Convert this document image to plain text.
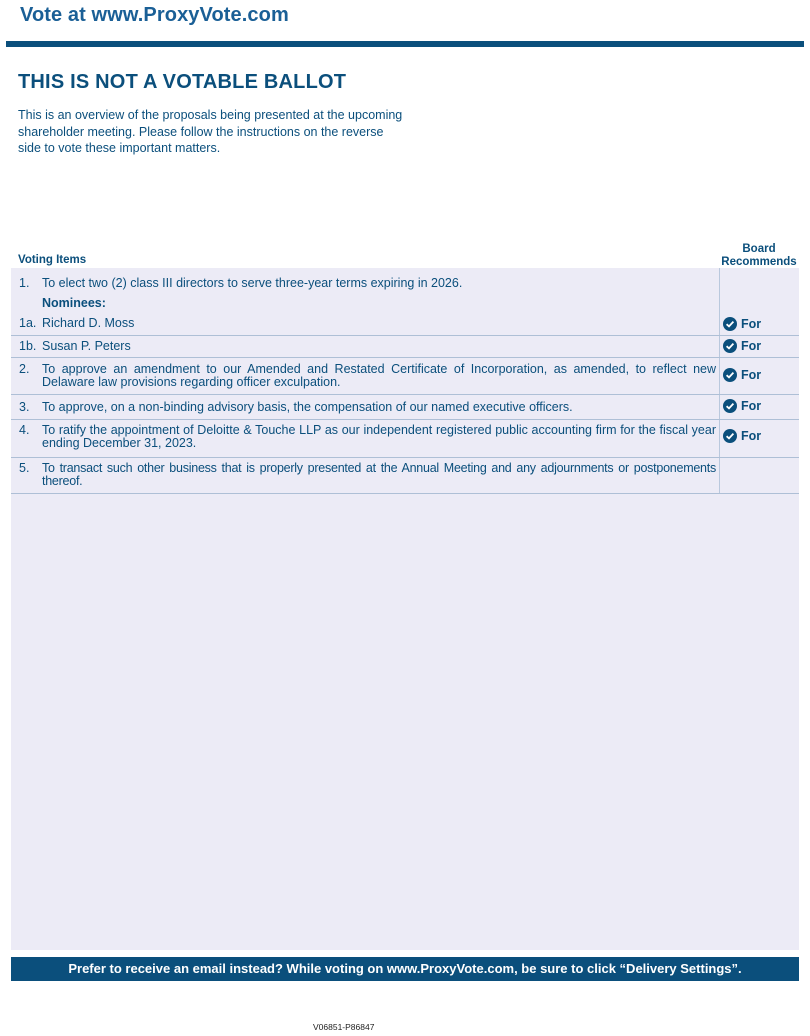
Vote at www.ProxyVote.com
THIS IS NOT A VOTABLE BALLOT
This is an overview of the proposals being presented at the upcoming shareholder meeting. Please follow the instructions on the reverse side to vote these important matters.
Voting Items
Board Recommends
1. To elect two (2) class III directors to serve three-year terms expiring in 2026.
Nominees:
1a. Richard D. Moss	For
1b. Susan P. Peters	For
2. To approve an amendment to our Amended and Restated Certificate of Incorporation, as amended, to reflect new Delaware law provisions regarding officer exculpation.	For
3. To approve, on a non-binding advisory basis, the compensation of our named executive officers.	For
4. To ratify the appointment of Deloitte & Touche LLP as our independent registered public accounting firm for the fiscal year ending December 31, 2023.	For
5. To transact such other business that is properly presented at the Annual Meeting and any adjournments or postponements thereof.
Prefer to receive an email instead? While voting on www.ProxyVote.com, be sure to click “Delivery Settings”.
V06851-P86847
